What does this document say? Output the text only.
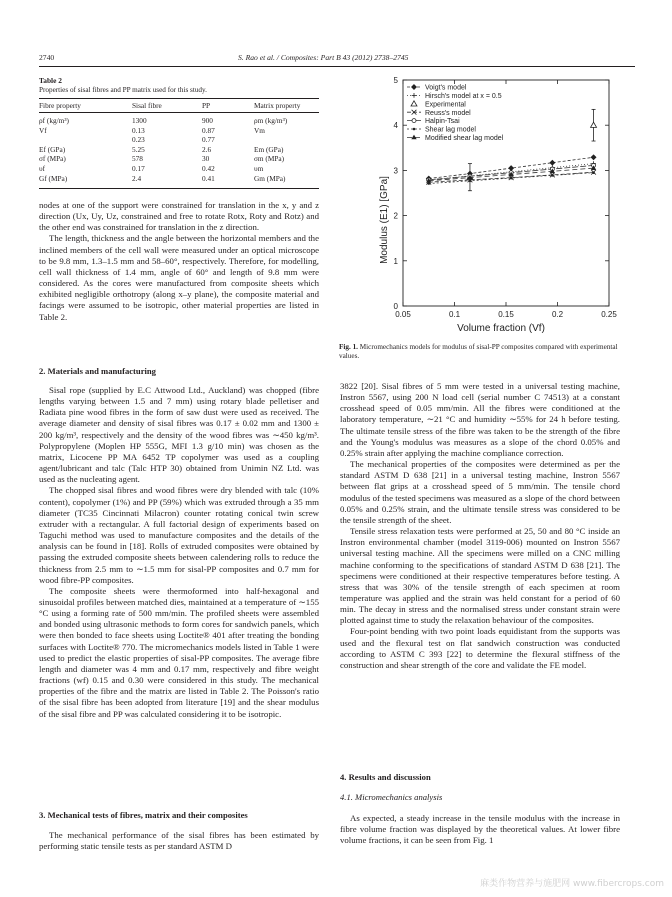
2740	S. Rao et al. / Composites: Part B 43 (2012) 2738–2745
Table 2
Properties of sisal fibres and PP matrix used for this study.
Fibre property	Sisal fibre	PP	Matrix property
ρf (kg/m³)	1300	900	ρm (kg/m³)
Vf	0.13	0.87	Vm
	0.23	0.77	
Ef (GPa)	5.25	2.6	Em (GPa)
σf (MPa)	578	30	σm (MPa)
υf	0.17	0.42	υm
Gf (MPa)	2.4	0.41	Gm (MPa)

nodes at one of the support were constrained for translation in the x, y and z direction (Ux, Uy, Uz, constrained and free to rotate Rotx, Roty and Rotz) and the other end was constrained for translation in the z direction.

The length, thickness and the angle between the horizontal members and the inclined members of the cell wall were measured under an optical microscope to be 9.8 mm, 1.3–1.5 mm and 58–60°, respectively. Therefore, for modelling, cell wall thickness of 1.4 mm, angle of 60° and length of 9.8 mm were considered. As the cores were manufactured from composite sheets which exhibited negligible orthotropy (along x–y plane), the composite material and facings were assumed to be isotropic, other material properties are listed in Table 2.

2. Materials and manufacturing

Sisal rope (supplied by E.C Attwood Ltd., Auckland) was chopped (fibre lengths varying between 1.5 and 7 mm) using rotary blade pelletiser and Radiata pine wood fibres in the form of saw dust were used as received. The average diameter and density of sisal fibres was 0.17 ± 0.02 mm and 1300 ± 200 kg/m³, respectively and the density of the wood fibres was ∼450 kg/m³. Polypropylene (Moplen HP 555G, MFI 1.3 g/10 min) was chosen as the matrix, Licocene PP MA 6452 TP copolymer was used as a coupling agent/lubricant and talc (Talc HTP 30) obtained from Unimin NZ Ltd. was used as the nucleating agent.

The chopped sisal fibres and wood fibres were dry blended with talc (10% content), copolymer (1%) and PP (59%) which was extruded through a 35 mm diameter (TC35 Cincinnati Milacron) counter rotating conical twin screw extruder with a rectangular. A full factorial design of experiments based on Taguchi method was used to manufacture composites and the details of the analysis can be found in [18]. Rolls of extruded composites were obtained by passing the extruded composite sheets between calendering rolls to reduce the thickness from 2.5 mm to ∼1.5 mm for sisal-PP composites and 0.7 mm for wood fibre-PP composites.

The composite sheets were thermoformed into half-hexagonal and sinusoidal profiles between matched dies, maintained at a temperature of ∼155 °C using a forming rate of 500 mm/min. The profiled sheets were assembled and bonded using ultrasonic methods to form cores for sandwich panels, which were then bonded to face sheets using Loctite® 401 after treating the bonding surfaces with Loctite® 770. The micromechanics models listed in Table 1 were used to predict the elastic properties of sisal-PP composites. The average fibre length and diameter was 4 mm and 0.17 mm, respectively and fibre weight fractions (wf) 0.15 and 0.30 were considered in this study. The mechanical properties of the fibre and the matrix are listed in Table 2. The Poisson's ratio of the sisal fibre has been adopted from literature [19] and the shear modulus of the sisal fibre and PP was calculated considering it to be isotropic.

3. Mechanical tests of fibres, matrix and their composites

The mechanical performance of the sisal fibres has been estimated by performing static tensile tests as per standard ASTM D

0.05	0.1	0.15	0.2	0.25
0
1
2
3
4
5
Voigt's model
Hirsch's model at x = 0.5
Experimental
Reuss's model
Halpin-Tsai
Shear lag model
Modified shear lag model
Modulus (E1) [GPa]
Volume fraction (Vf)
Fig. 1. Micromechanics models for modulus of sisal-PP composites compared with experimental values.

3822 [20]. Sisal fibres of 5 mm were tested in a universal testing machine, Instron 5567, using 200 N load cell (serial number C 74513) at a constant crosshead speed of 0.05 mm/min. All the fibres were conditioned at the laboratory temperature, ∼21 °C and humidity ∼55% for 24 h before testing. The ultimate tensile stress of the fibre was taken to be the strength of the fibre and the Young's modulus was measures as a slope of the chord 0.05% and 0.25% strain after applying the machine compliance correction.

The mechanical properties of the composites were determined as per the standard ASTM D 638 [21] in a universal testing machine, Instron 5567 between flat grips at a crosshead speed of 5 mm/min. The tensile chord modulus of the tested specimens was measured as a slope of the chord between 0.05% and 0.25% strain, and the ultimate tensile stress was considered to be the tensile strength of the sheet.

Tensile stress relaxation tests were performed at 25, 50 and 80 °C inside an Instron environmental chamber (model 3119-006) mounted on Instron 5567 universal testing machine. All the specimens were milled on a CNC milling machine conforming to the specifications of standard ASTM D 638 [21]. The specimens were conditioned at their respective temperatures before testing. A stress that was 30% of the tensile strength of each specimen at room temperature was applied and the strain was held constant for a period of 60 min. The decay in stress and the normalised stress under constant strain were plotted against time to study the relaxation behaviour of the composites.

Four-point bending with two point loads equidistant from the supports was used and the flexural test on flat sandwich construction was conducted according to ASTM C 393 [22] to determine the flexural stiffness of the construction and shear strength of the core and validate the FE model.

4. Results and discussion
4.1. Micromechanics analysis

As expected, a steady increase in the tensile modulus with the increase in fibre volume fraction was displayed by the theoretical values. At lower fibre volume fractions, it can be seen from Fig. 1

麻类作物营养与施肥网 www.fibercrops.com
